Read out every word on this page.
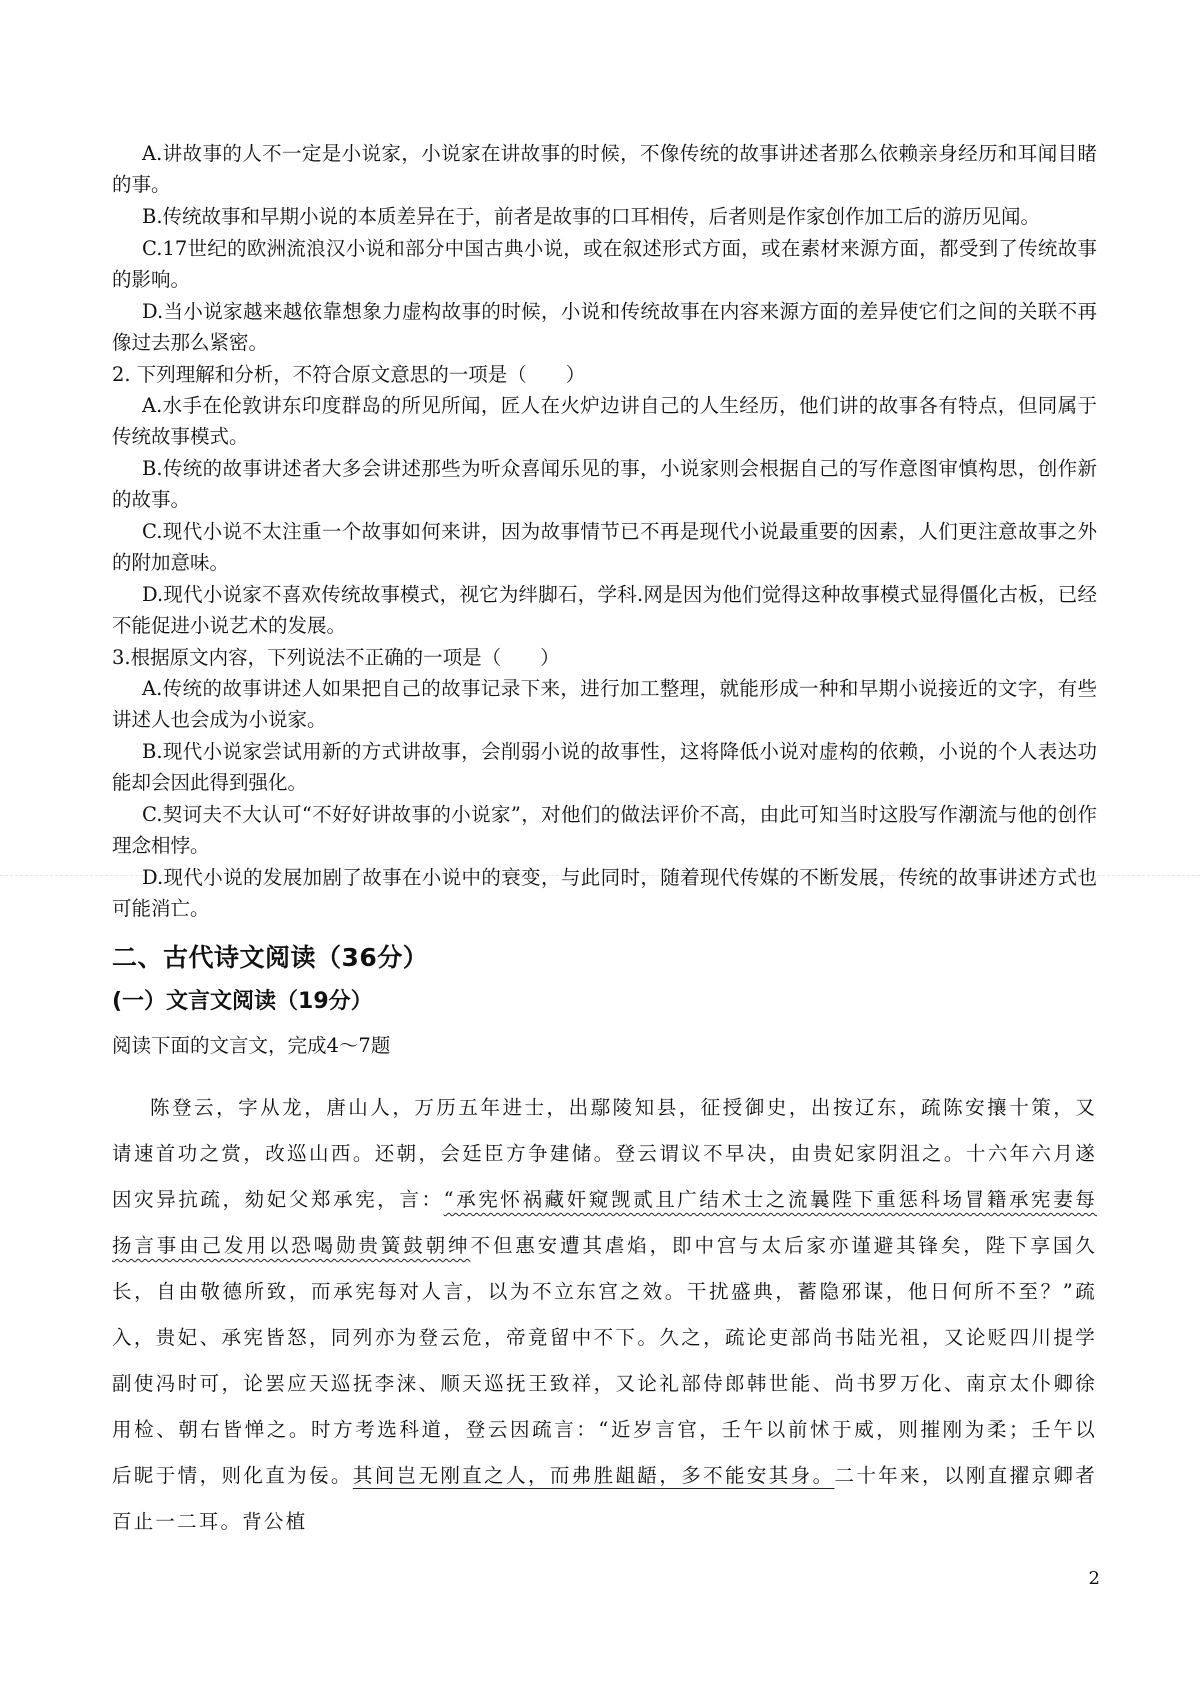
A.讲故事的人不一定是小说家，小说家在讲故事的时候，不像传统的故事讲述者那么依赖亲身经历和耳闻目睹的事。

B.传统故事和早期小说的本质差异在于，前者是故事的口耳相传，后者则是作家创作加工后的游历见闻。

C.17世纪的欧洲流浪汉小说和部分中国古典小说，或在叙述形式方面，或在素材来源方面，都受到了传统故事的影响。

D.当小说家越来越依靠想象力虚构故事的时候，小说和传统故事在内容来源方面的差异使它们之间的关联不再像过去那么紧密。

2. 下列理解和分析，不符合原文意思的一项是（　　）

A.水手在伦敦讲东印度群岛的所见所闻，匠人在火炉边讲自己的人生经历，他们讲的故事各有特点，但同属于传统故事模式。

B.传统的故事讲述者大多会讲述那些为听众喜闻乐见的事，小说家则会根据自己的写作意图审慎构思，创作新的故事。

C.现代小说不太注重一个故事如何来讲，因为故事情节已不再是现代小说最重要的因素，人们更注意故事之外的附加意味。

D.现代小说家不喜欢传统故事模式，视它为绊脚石，学科.网是因为他们觉得这种故事模式显得僵化古板，已经不能促进小说艺术的发展。

3.根据原文内容，下列说法不正确的一项是（　　）

A.传统的故事讲述人如果把自己的故事记录下来，进行加工整理，就能形成一种和早期小说接近的文字，有些讲述人也会成为小说家。

B.现代小说家尝试用新的方式讲故事，会削弱小说的故事性，这将降低小说对虚构的依赖，小说的个人表达功能却会因此得到强化。

C.契诃夫不大认可“不好好讲故事的小说家”，对他们的做法评价不高，由此可知当时这股写作潮流与他的创作理念相悖。

D.现代小说的发展加剧了故事在小说中的衰变，与此同时，随着现代传媒的不断发展，传统的故事讲述方式也可能消亡。

二、古代诗文阅读（36分）
(一）文言文阅读（19分）

阅读下面的文言文，完成4～7题

陈登云，字从龙，唐山人，万历五年进士，出鄢陵知县，征授御史，出按辽东，疏陈安攘十策，又请速首功之赏，改巡山西。还朝，会廷臣方争建储。登云谓议不早决，由贵妃家阴沮之。十六年六月遂因灾异抗疏，劾妃父郑承宪，言：“承宪怀祸藏奸窥觊贰且广结术士之流曩陛下重惩科场冒籍承宪妻每扬言事由己发用以恐喝勋贵簧鼓朝绅不但惠安遭其虐焰，即中宫与太后家亦谨避其锋矣，陛下享国久长，自由敬德所致，而承宪每对人言，以为不立东宫之效。干扰盛典，蓄隐邪谋，他日何所不至？”疏入，贵妃、承宪皆怒，同列亦为登云危，帝竟留中不下。久之，疏论吏部尚书陆光祖，又论贬四川提学副使冯时可，论罢应天巡抚李涞、顺天巡抚王致祥，又论礼部侍郎韩世能、尚书罗万化、南京太仆卿徐用检、朝右皆惮之。时方考选科道，登云因疏言：“近岁言官，壬午以前怵于威，则摧刚为柔；壬午以后昵于情，则化直为佞。其间岂无刚直之人，而弗胜龃龉，多不能安其身。二十年来，以刚直擢京卿者百止一二耳。背公植

2
